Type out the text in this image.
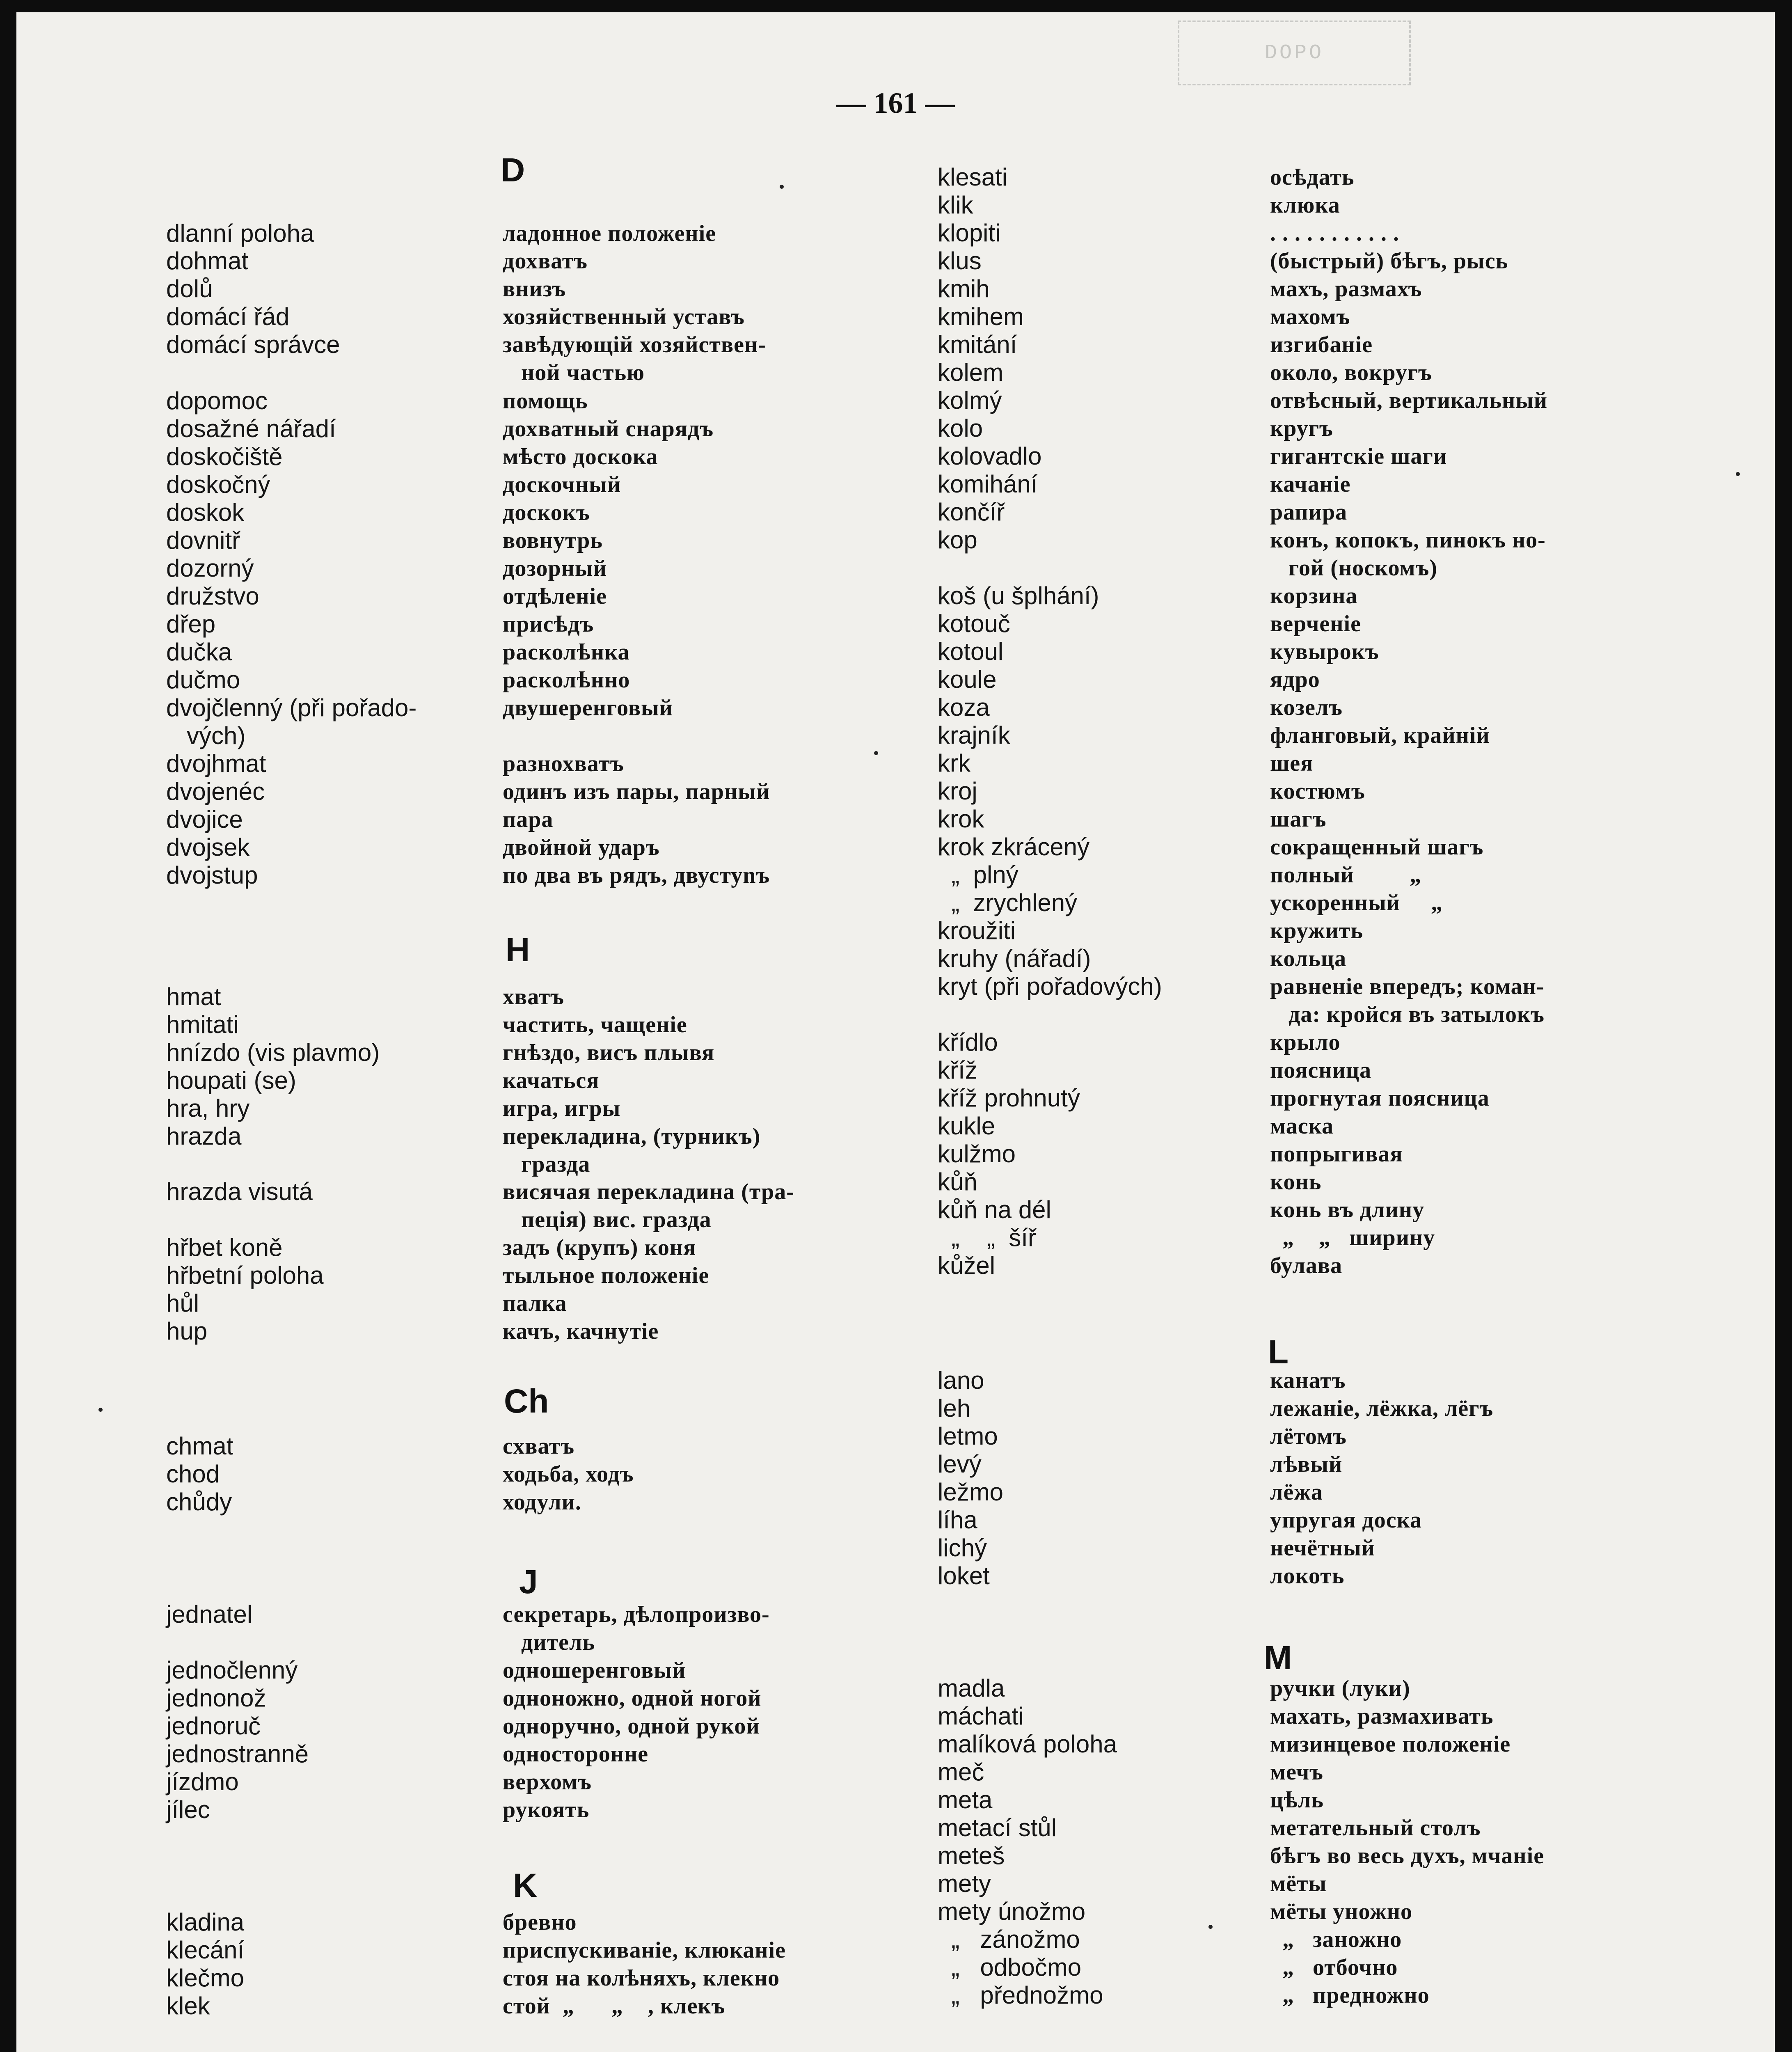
DOPO
— 161 —
D
H
Ch
J
K
L
M
dlanní poloha
dohmat
dolů
domácí řád
domácí správce
dopomoc
dosažné nářadí
doskočiště
doskočný
doskok
dovnitř
dozorný
družstvo
dřep
dučka
dučmo
dvojčlenný (při pořado-
vých)
dvojhmat
dvojenéc
dvojice
dvojsek
dvojstup
hmat
hmitati
hnízdo (vis plavmo)
houpati (se)
hra, hry
hrazda
hrazda visutá
hřbet koně
hřbetní poloha
hůl
hup
chmat
chod
chůdy
jednatel
jednočlenný
jednonož
jednoruč
jednostranně
jízdmo
jílec
kladina
klecání
klečmo
klek
ладонное положеніе
дохватъ
внизъ
хозяйственный уставъ
завѣдующій хозяйствен-
ной частью
помощь
дохватный снарядъ
мѣсто доскока
доскочный
доскокъ
вовнутрь
дозорный
отдѣленіе
присѣдъ
расколѣнка
расколѣнно
двушеренговый
разнохватъ
одинъ изъ пары, парный
пара
двойной ударъ
по два въ рядъ, двустуnъ
хватъ
частить, чащеніе
гнѣздо, висъ плывя
качаться
игра, игры
перекладина, (турникъ)
гразда
висячая перекладина (тра-
пеція) вис. гразда
задъ (крупъ) коня
тыльное положеніе
палка
качъ, качнутіе
схватъ
ходьба, ходъ
ходули.
секретарь, дѣлопроизво-
дитель
одношеренговый
одноножно, одной ногой
одноручно, одной рукой
односторонне
верхомъ
рукоять
бревно
приспускиваніе, клюканіе
стоя на колѣняхъ, клекно
стой  „      „    , клекъ
klesati
klik
klopiti
klus
kmih
kmihem
kmitání
kolem
kolmý
kolo
kolovadlo
komihání
končíř
kop
koš (u šplhání)
kotouč
kotoul
koule
koza
krajník
krk
kroj
krok
krok zkrácený
„  plný
„  zrychlený
kroužiti
kruhy (nářadí)
kryt (při pořadových)
křídlo
kříž
kříž prohnutý
kukle
kulžmo
kůň
kůň na dél
„    „  šíř
kůžel
lano
leh
letmo
levý
ležmo
líha
lichý
loket
madla
máchati
malíková poloha
meč
meta
metací stůl
meteš
mety
mety únožmo
„   zánožmo
„   odbočmo
„   přednožmo
осѣдать
клюка
. . . . . . . . . . .
(быстрый) бѣгъ, рысь
махъ, размахъ
махомъ
изгибаніе
около, вокругъ
отвѣсный, вертикальный
кругъ
гигантскіе шаги
качаніе
рапира
конъ, копокъ, пинокъ но-
гой (носкомъ)
корзина
верченіе
кувырокъ
ядро
козелъ
фланговый, крайній
шея
костюмъ
шагъ
сокращенный шагъ
полный         „
ускоренный     „
кружить
кольца
равненіе впередъ; коман-
да: кройся въ затылокъ
крыло
поясница
прогнутая поясница
маска
попрыгивая
конь
конь въ длину
„    „   ширину
булава
канатъ
лежаніе, лёжка, лёгъ
лётомъ
лѣвый
лёжа
упругая доска
нечётный
локоть
ручки (луки)
махать, размахивать
мизинцевое положеніе
мечъ
цѣль
метательный столъ
бѣгъ во весь духъ, мчаніе
мёты
мёты уножно
„   заножно
„   отбочно
„   предножно
